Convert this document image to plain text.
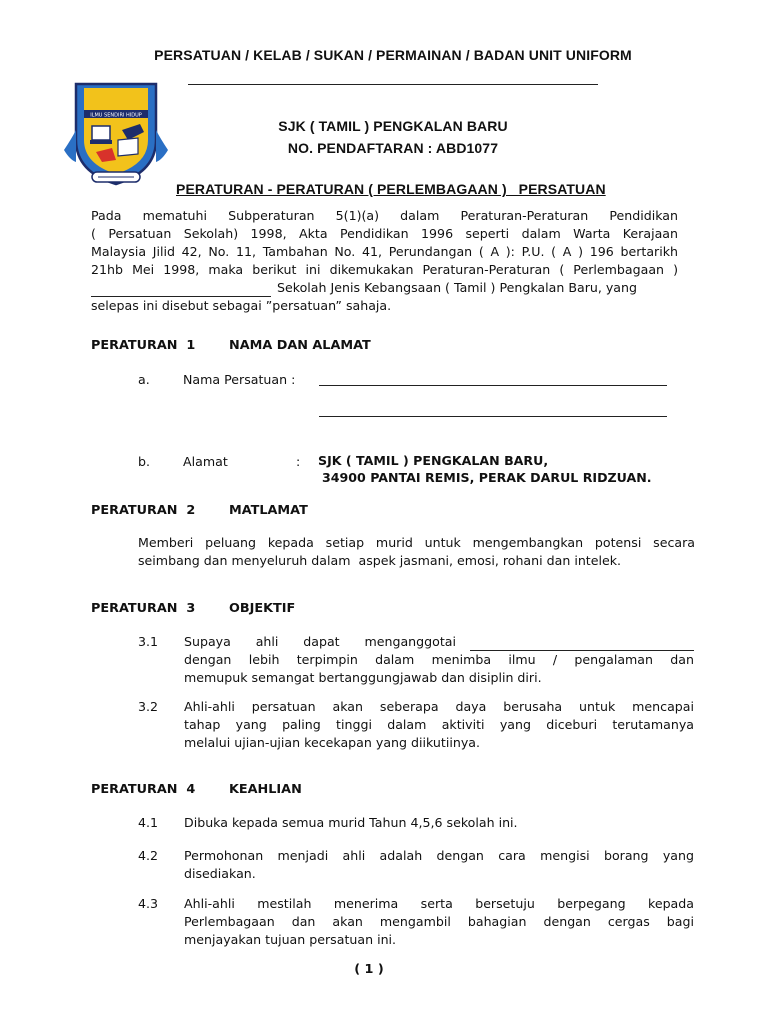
PERSATUAN / KELAB / SUKAN / PERMAINAN / BADAN UNIT UNIFORM
ILMU SENDIRI HIDUP
SJK ( TAMIL ) PENGKALAN BARU
NO. PENDAFTARAN : ABD1077
PERATURAN - PERATURAN ( PERLEMBAGAAN )   PERSATUAN
Pada mematuhi Subperaturan 5(1)(a) dalam Peraturan-Peraturan Pendidikan
( Persatuan Sekolah) 1998, Akta Pendidikan 1996 seperti dalam Warta Kerajaan
Malaysia Jilid 42, No. 11, Tambahan No. 41, Perundangan ( A ): P.U. ( A ) 196 bertarikh
21hb Mei 1998, maka berikut ini dikemukakan Peraturan-Peraturan ( Perlembagaan )
Sekolah Jenis Kebangsaan ( Tamil ) Pengkalan Baru, yang
selepas ini disebut sebagai ”persatuan” sahaja.
PERATURAN  1	NAMA DAN ALAMAT
a.	Nama Persatuan :
b.	Alamat	: SJK ( TAMIL ) PENGKALAN BARU,
34900 PANTAI REMIS, PERAK DARUL RIDZUAN.
PERATURAN  2	MATLAMAT
Memberi peluang kepada setiap murid untuk mengembangkan potensi secara
seimbang dan menyeluruh dalam  aspek jasmani, emosi, rohani dan intelek.
PERATURAN  3	OBJEKTIF
3.1 Supaya ahli dapat menganggotai
dengan lebih terpimpin dalam menimba ilmu / pengalaman dan
memupuk semangat bertanggungjawab dan disiplin diri.
3.2 Ahli-ahli persatuan akan seberapa daya berusaha untuk mencapai
tahap yang paling tinggi dalam aktiviti yang diceburi terutamanya
melalui ujian-ujian kecekapan yang diikutiinya.
PERATURAN  4	KEAHLIAN
4.1 Dibuka kepada semua murid Tahun 4,5,6 sekolah ini.
4.2 Permohonan menjadi ahli adalah dengan cara mengisi borang yang
disediakan.
4.3 Ahli-ahli mestilah menerima serta bersetuju berpegang kepada
Perlembagaan dan akan mengambil bahagian dengan cergas bagi
menjayakan tujuan persatuan ini.
( 1 )
